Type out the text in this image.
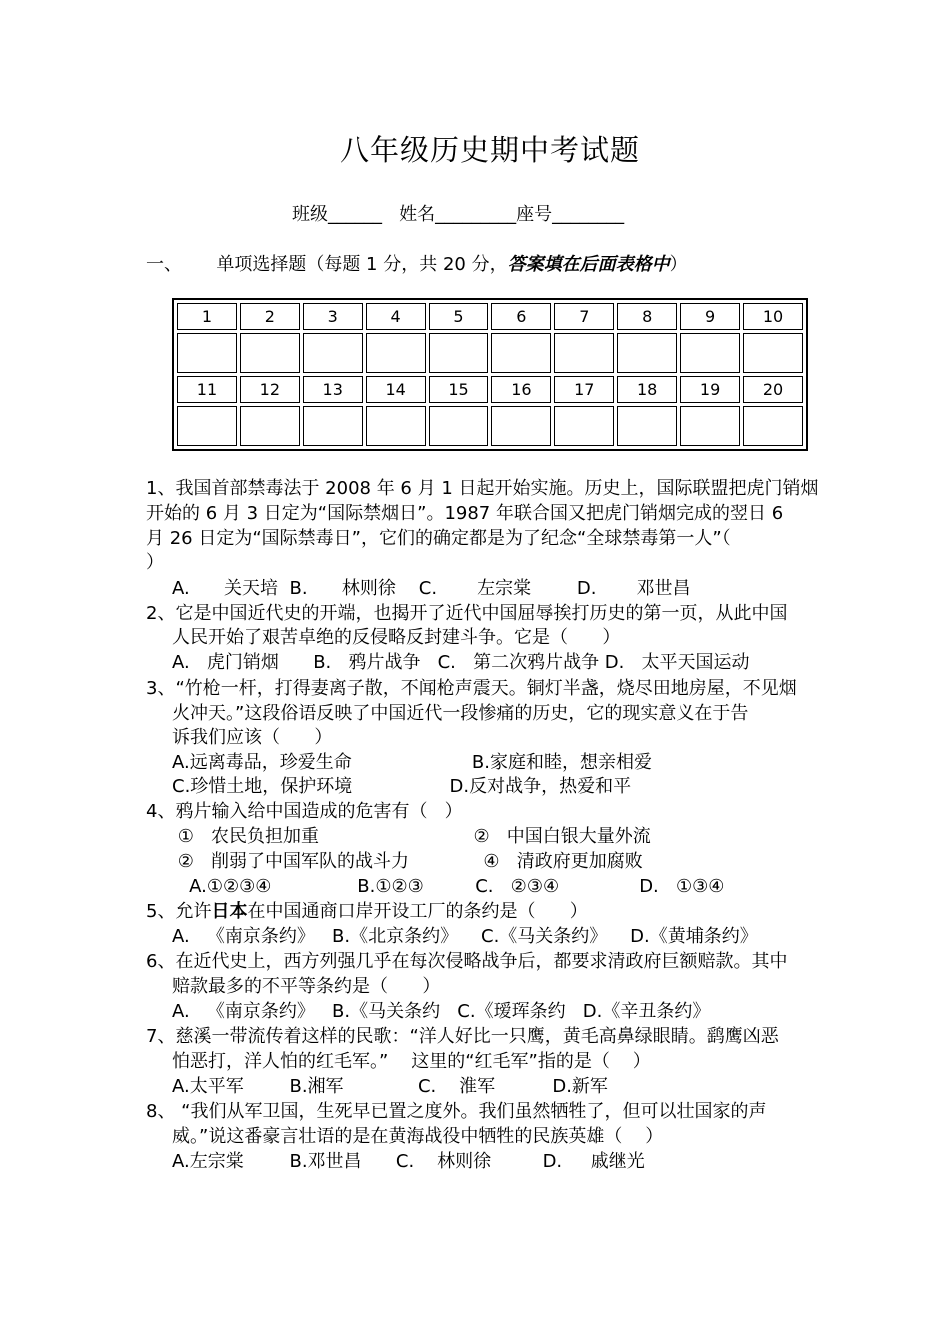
八年级历史期中考试题
班级______   姓名_________座号________
一、      单项选择题（每题 1 分，共 20 分，答案填在后面表格中）
1	2	3	4	5	6	7	8	9	10

11	12	13	14	15	16	17	18	19	20

1、我国首部禁毒法于 2008 年 6 月 1 日起开始实施。历史上，国际联盟把虎门销烟
开始的 6 月 3 日定为“国际禁烟日”。1987 年联合国又把虎门销烟完成的翌日 6
月 26 日定为“国际禁毒日”，它们的确定都是为了纪念“全球禁毒第一人”（
）
A.      关天培  B.      林则徐    C.       左宗棠        D.       邓世昌
2、它是中国近代史的开端，也揭开了近代中国屈辱挨打历史的第一页，从此中国
人民开始了艰苦卓绝的反侵略反封建斗争。它是（      ）
A.   虎门销烟      B.   鸦片战争   C.   第二次鸦片战争 D.   太平天国运动
3、“竹枪一杆，打得妻离子散，不闻枪声震天。铜灯半盏，烧尽田地房屋，不见烟
火冲天。”这段俗语反映了中国近代一段惨痛的历史，它的现实意义在于告
诉我们应该（      ）
A.远离毒品，珍爱生命                     B.家庭和睦，想亲相爱
C.珍惜土地，保护环境                 D.反对战争，热爱和平
4、鸦片输入给中国造成的危害有（   ）
①   农民负担加重                           ②   中国白银大量外流
②   削弱了中国军队的战斗力             ④   清政府更加腐败
A.①②③④               B.①②③         C.   ②③④              D.   ①③④
5、允许日本在中国通商口岸开设工厂的条约是（      ）
A.   《南京条约》   B.《北京条约》    C.《马关条约》    D.《黄埔条约》
6、在近代史上，西方列强几乎在每次侵略战争后，都要求清政府巨额赔款。其中
赔款最多的不平等条约是（      ）
A.   《南京条约》   B.《马关条约   C.《瑷珲条约   D.《辛丑条约》
7、慈溪一带流传着这样的民歌：“洋人好比一只鹰，黄毛高鼻绿眼睛。鹞鹰凶恶
怕恶打，洋人怕的红毛军。”    这里的“红毛军”指的是（    ）
A.太平军        B.湘军             C.    淮军          D.新军
8、 “我们从军卫国，生死早已置之度外。我们虽然牺牲了，但可以壮国家的声
威。”说这番豪言壮语的是在黄海战役中牺牲的民族英雄（    ）
A.左宗棠        B.邓世昌      C.    林则徐         D.     戚继光
